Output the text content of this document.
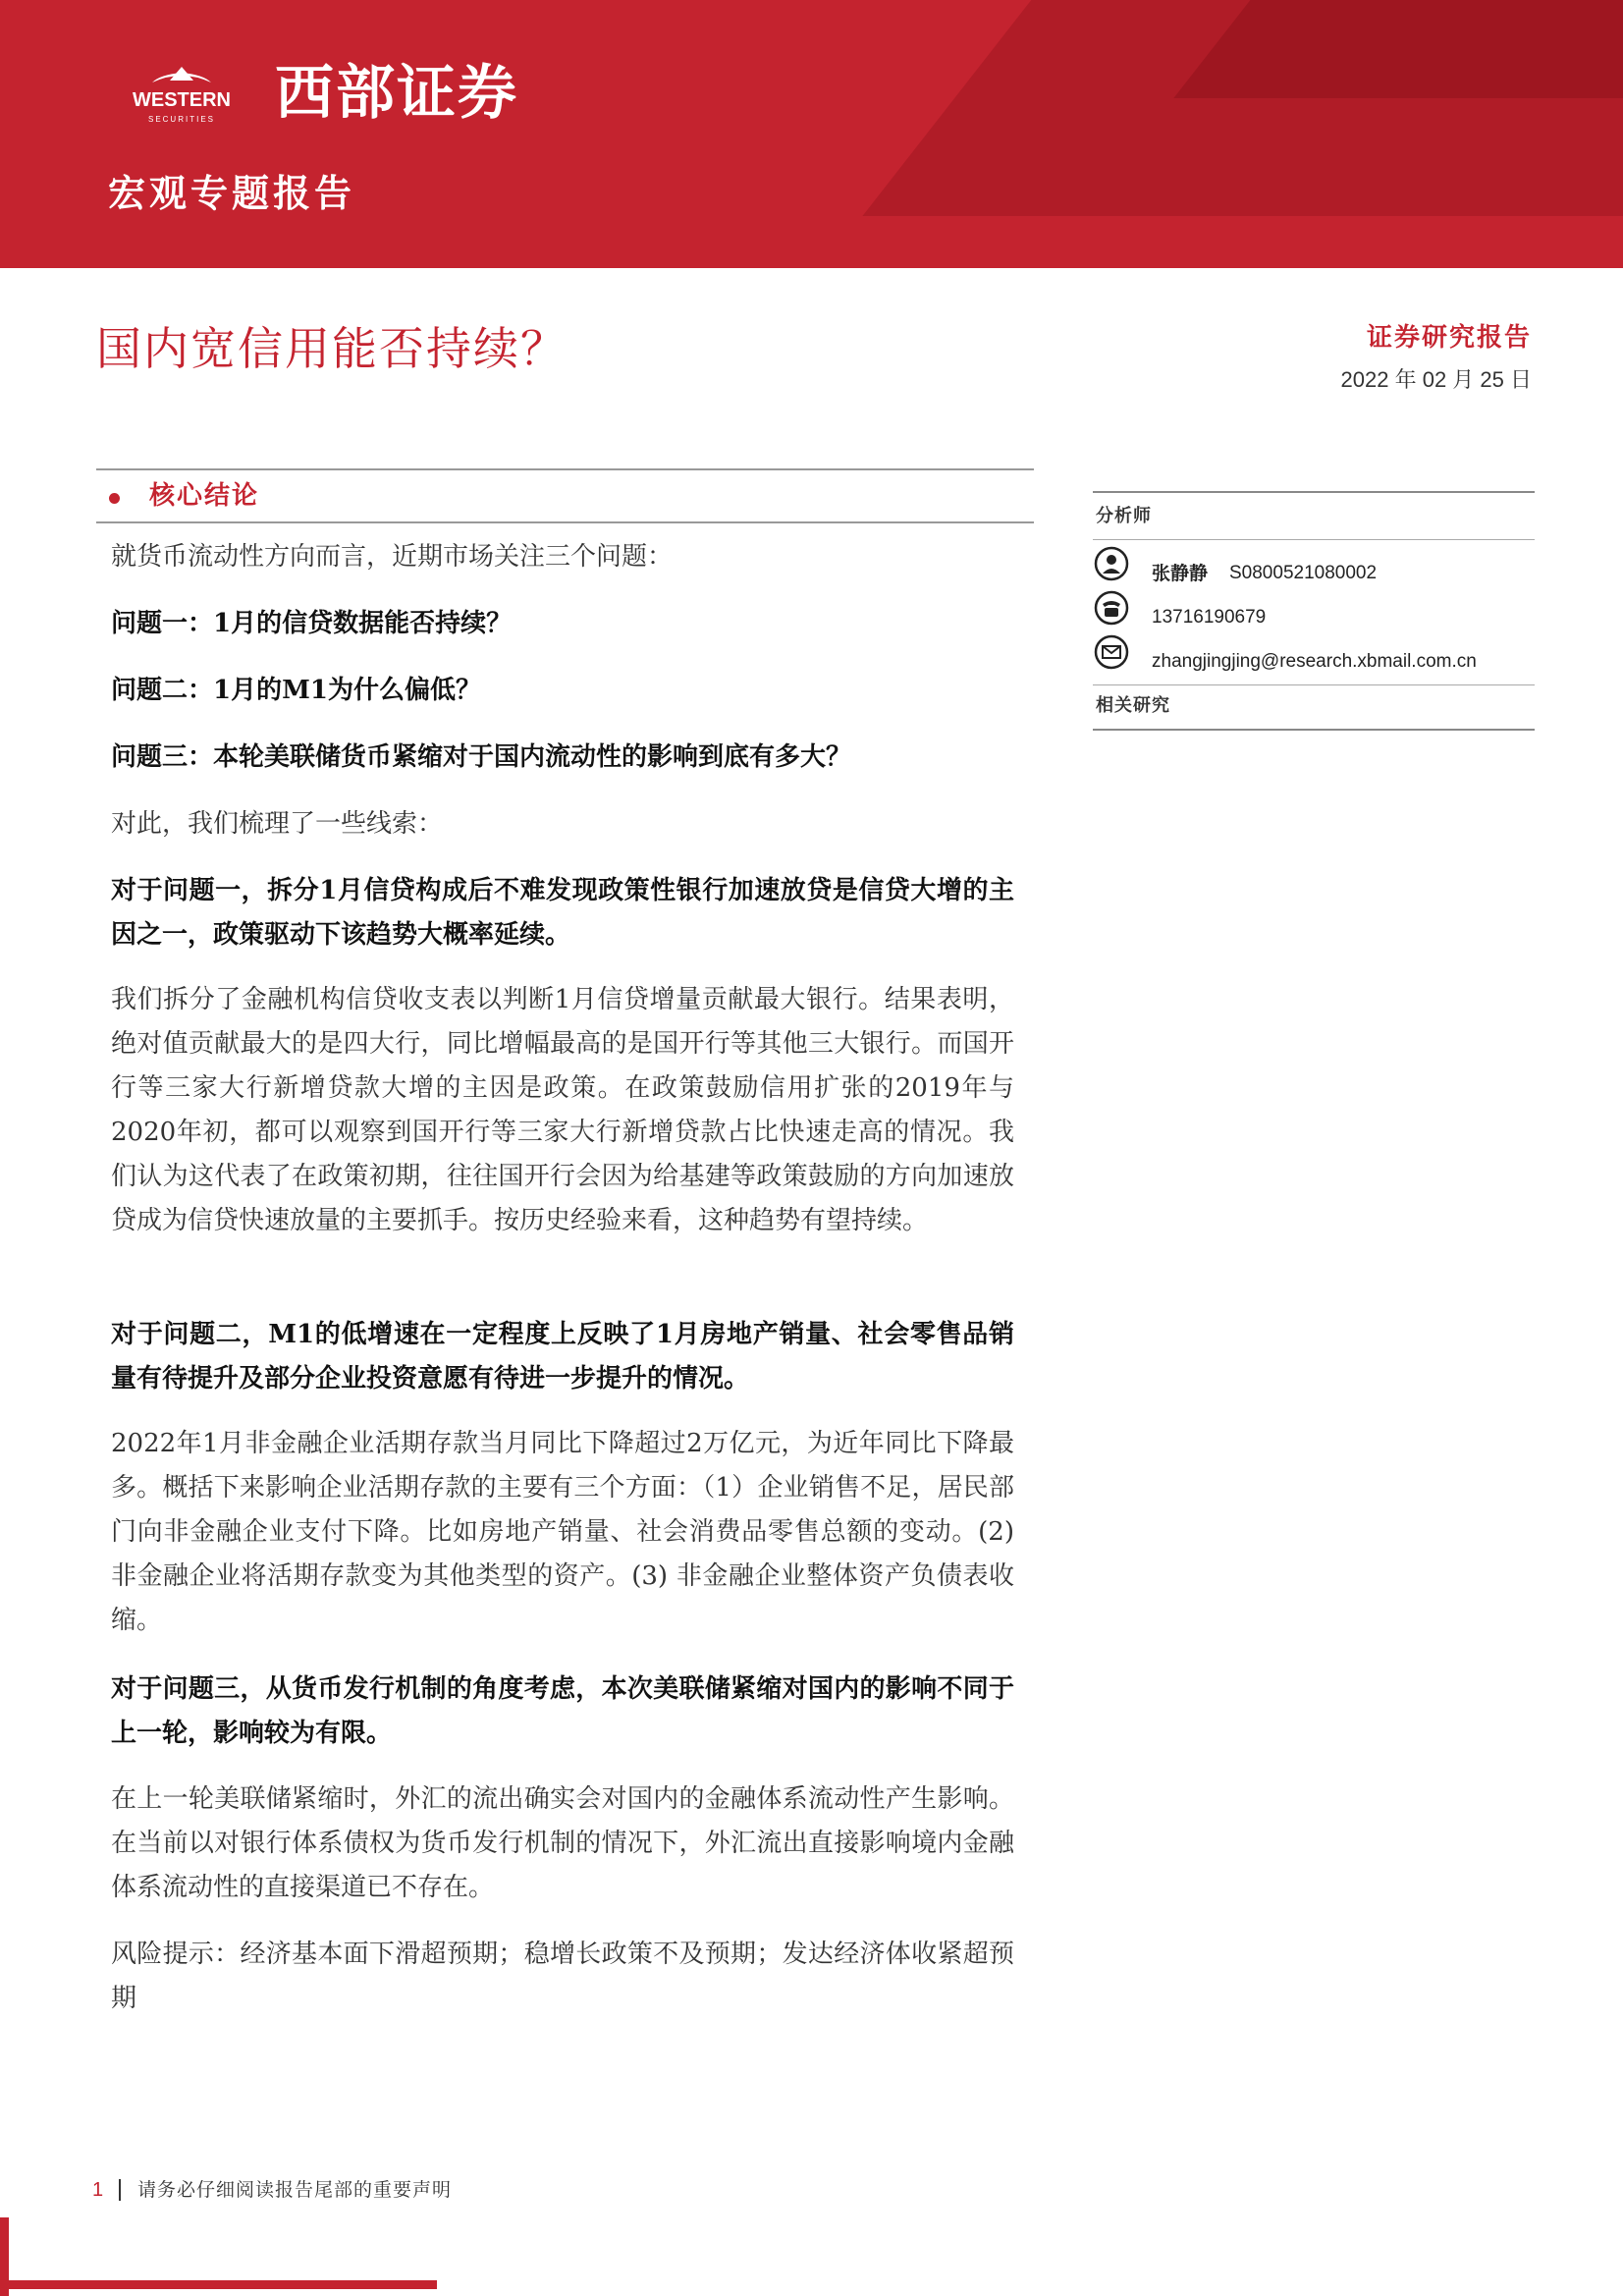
WESTERN
SECURITIES 西部证券
宏观专题报告
国内宽信用能否持续？	证券研究报告
2022 年 02 月 25 日
核心结论

就货币流动性方向而言，近期市场关注三个问题：

问题一：1月的信贷数据能否持续？

问题二：1月的M1为什么偏低？

问题三：本轮美联储货币紧缩对于国内流动性的影响到底有多大？

对此，我们梳理了一些线索：

对于问题一，拆分1月信贷构成后不难发现政策性银行加速放贷是信贷大增的主因之一，政策驱动下该趋势大概率延续。

我们拆分了金融机构信贷收支表以判断1月信贷增量贡献最大银行。结果表明，绝对值贡献最大的是四大行，同比增幅最高的是国开行等其他三大银行。而国开行等三家大行新增贷款大增的主因是政策。在政策鼓励信用扩张的2019年与2020年初，都可以观察到国开行等三家大行新增贷款占比快速走高的情况。我们认为这代表了在政策初期，往往国开行会因为给基建等政策鼓励的方向加速放贷成为信贷快速放量的主要抓手。按历史经验来看，这种趋势有望持续。

对于问题二，M1的低增速在一定程度上反映了1月房地产销量、社会零售品销量有待提升及部分企业投资意愿有待进一步提升的情况。

2022年1月非金融企业活期存款当月同比下降超过2万亿元，为近年同比下降最多。概括下来影响企业活期存款的主要有三个方面：（1）企业销售不足，居民部门向非金融企业支付下降。比如房地产销量、社会消费品零售总额的变动。(2) 非金融企业将活期存款变为其他类型的资产。(3) 非金融企业整体资产负债表收缩。

对于问题三，从货币发行机制的角度考虑，本次美联储紧缩对国内的影响不同于上一轮，影响较为有限。

在上一轮美联储紧缩时，外汇的流出确实会对国内的金融体系流动性产生影响。在当前以对银行体系债权为货币发行机制的情况下，外汇流出直接影响境内金融体系流动性的直接渠道已不存在。

风险提示：经济基本面下滑超预期；稳增长政策不及预期；发达经济体收紧超预期

分析师
张静静 S0800521080002
13716190679
zhangjingjing@research.xbmail.com.cn
相关研究
1 请务必仔细阅读报告尾部的重要声明
